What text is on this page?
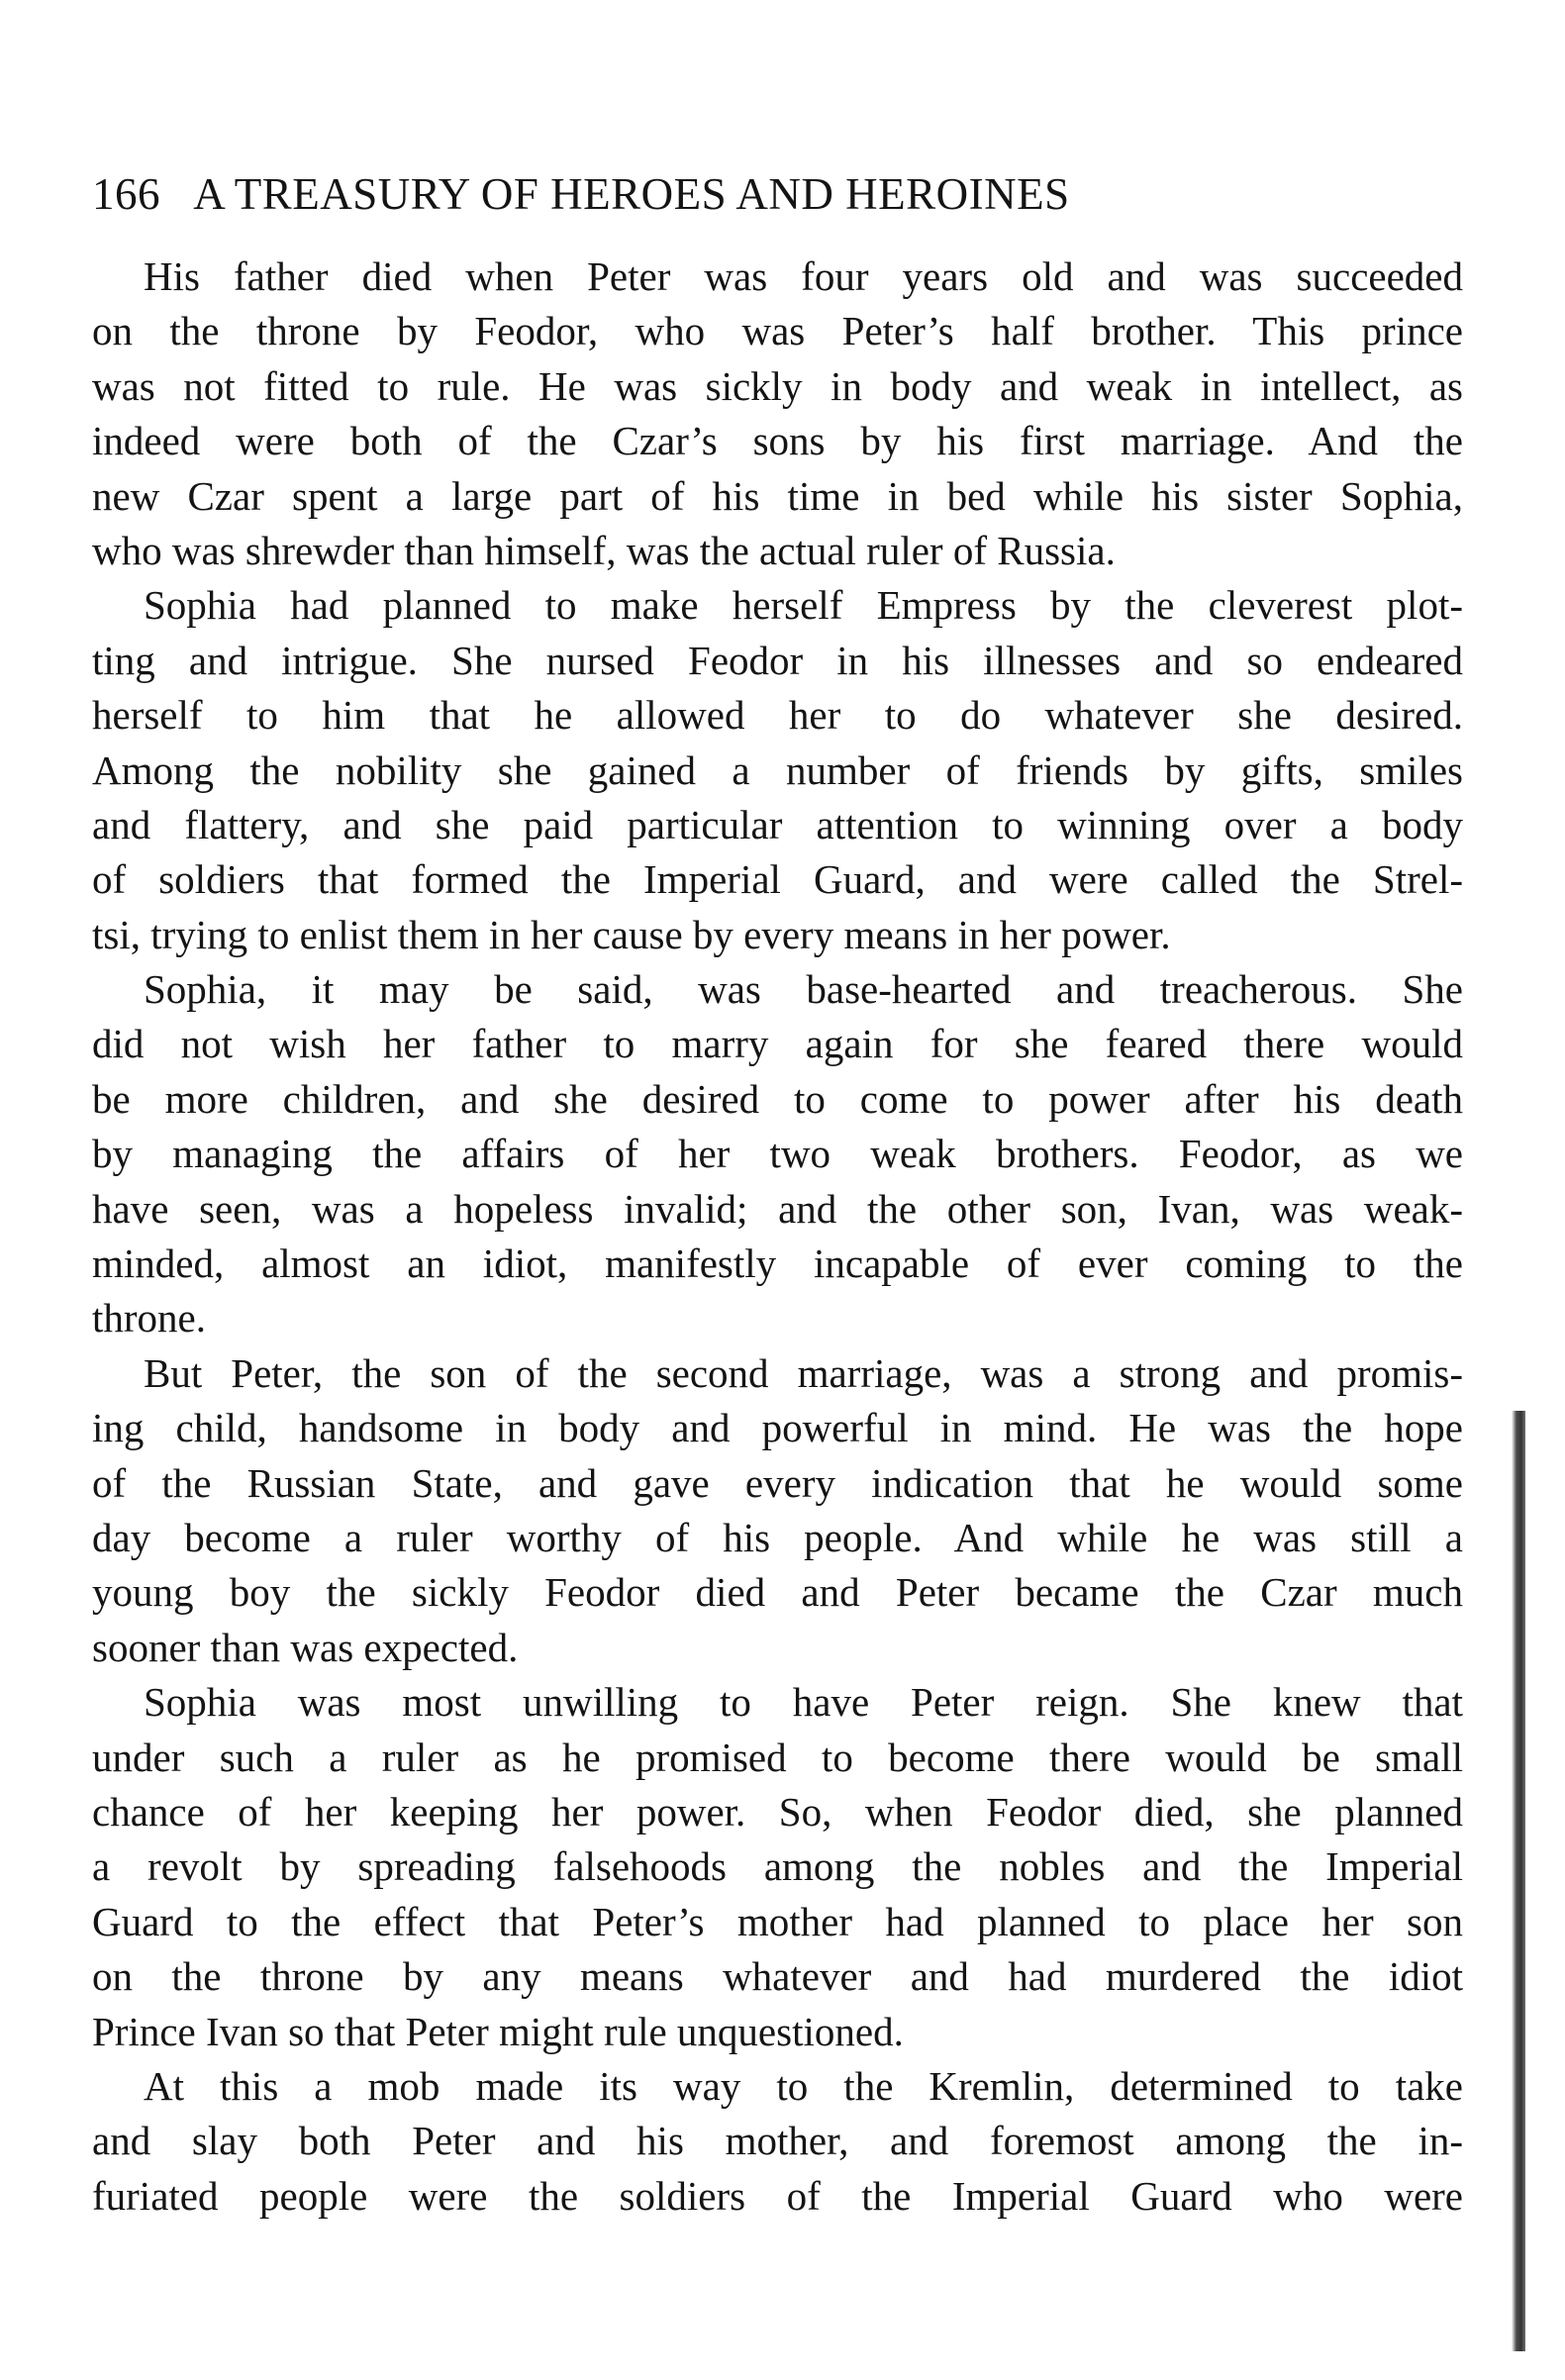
166 A TREASURY OF HEROES AND HEROINES
His father died when Peter was four years old and was succeeded
on the throne by Feodor, who was Peter’s half brother. This prince
was not fitted to rule. He was sickly in body and weak in intellect, as
indeed were both of the Czar’s sons by his first marriage. And the
new Czar spent a large part of his time in bed while his sister Sophia,
who was shrewder than himself, was the actual ruler of Russia.
Sophia had planned to make herself Empress by the cleverest plot-
ting and intrigue. She nursed Feodor in his illnesses and so endeared
herself to him that he allowed her to do whatever she desired.
Among the nobility she gained a number of friends by gifts, smiles
and flattery, and she paid particular attention to winning over a body
of soldiers that formed the Imperial Guard, and were called the Strel-
tsi, trying to enlist them in her cause by every means in her power.
Sophia, it may be said, was base-hearted and treacherous. She
did not wish her father to marry again for she feared there would
be more children, and she desired to come to power after his death
by managing the affairs of her two weak brothers. Feodor, as we
have seen, was a hopeless invalid; and the other son, Ivan, was weak-
minded, almost an idiot, manifestly incapable of ever coming to the
throne.
But Peter, the son of the second marriage, was a strong and promis-
ing child, handsome in body and powerful in mind. He was the hope
of the Russian State, and gave every indication that he would some
day become a ruler worthy of his people. And while he was still a
young boy the sickly Feodor died and Peter became the Czar much
sooner than was expected.
Sophia was most unwilling to have Peter reign. She knew that
under such a ruler as he promised to become there would be small
chance of her keeping her power. So, when Feodor died, she planned
a revolt by spreading falsehoods among the nobles and the Imperial
Guard to the effect that Peter’s mother had planned to place her son
on the throne by any means whatever and had murdered the idiot
Prince Ivan so that Peter might rule unquestioned.
At this a mob made its way to the Kremlin, determined to take
and slay both Peter and his mother, and foremost among the in-
furiated people were the soldiers of the Imperial Guard who were
